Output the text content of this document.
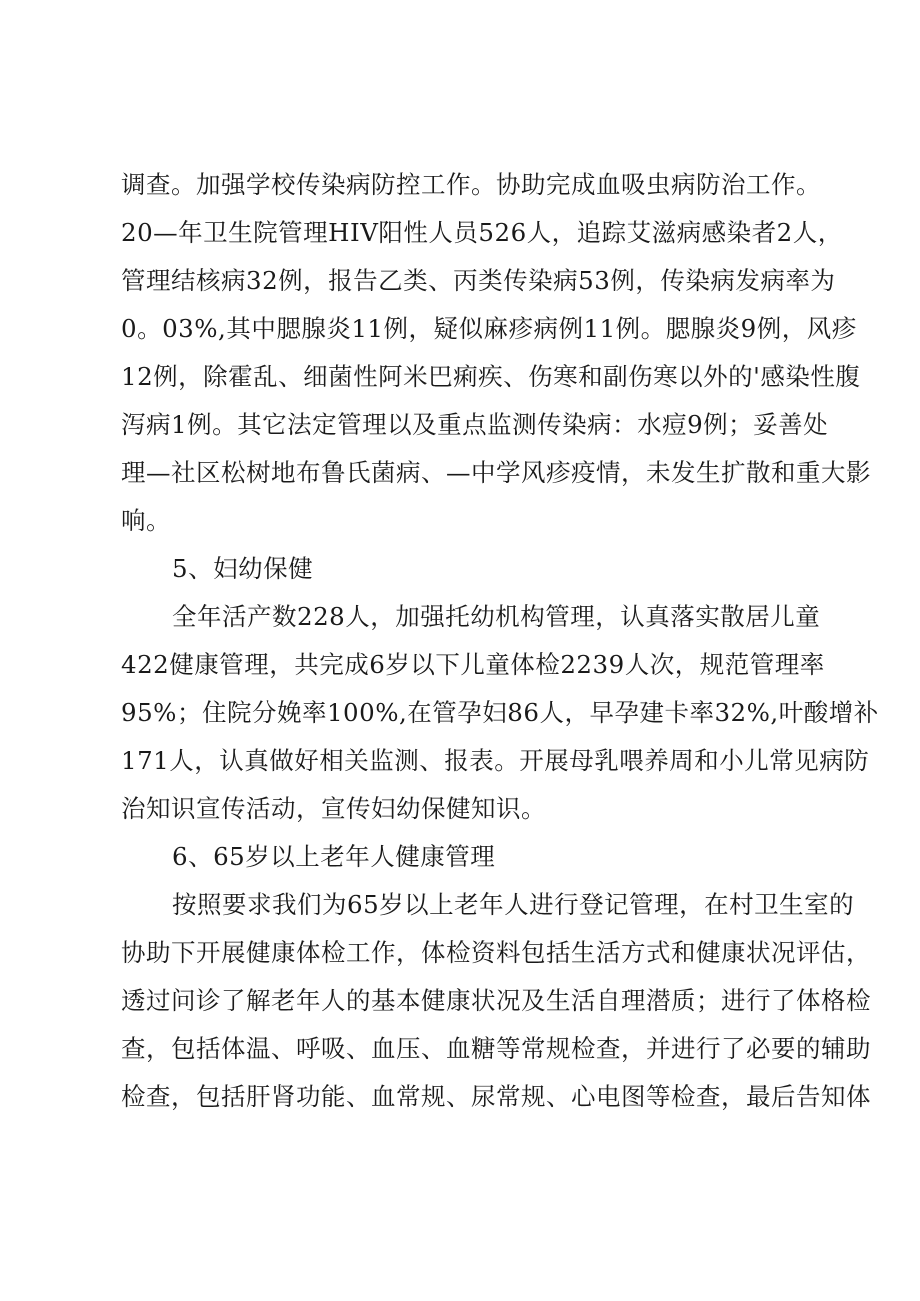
调查。加强学校传染病防控工作。协助完成血吸虫病防治工作。
20—年卫生院管理HIV阳性人员526人，追踪艾滋病感染者2人，
管理结核病32例，报告乙类、丙类传染病53例，传染病发病率为
0。03%,其中腮腺炎11例，疑似麻疹病例11例。腮腺炎9例，风疹
12例，除霍乱、细菌性阿米巴痢疾、伤寒和副伤寒以外的'感染性腹
泻病1例。其它法定管理以及重点监测传染病：水痘9例；妥善处
理—社区松树地布鲁氏菌病、—中学风疹疫情，未发生扩散和重大影
响。
5、妇幼保健
全年活产数228人，加强托幼机构管理，认真落实散居儿童
422健康管理，共完成6岁以下儿童体检2239人次，规范管理率
95%；住院分娩率100%,在管孕妇86人，早孕建卡率32%,叶酸增补
171人，认真做好相关监测、报表。开展母乳喂养周和小儿常见病防
治知识宣传活动，宣传妇幼保健知识。
6、65岁以上老年人健康管理
按照要求我们为65岁以上老年人进行登记管理，在村卫生室的
协助下开展健康体检工作，体检资料包括生活方式和健康状况评估，
透过问诊了解老年人的基本健康状况及生活自理潜质；进行了体格检
查，包括体温、呼吸、血压、血糖等常规检查，并进行了必要的辅助
检查，包括肝肾功能、血常规、尿常规、心电图等检查，最后告知体
